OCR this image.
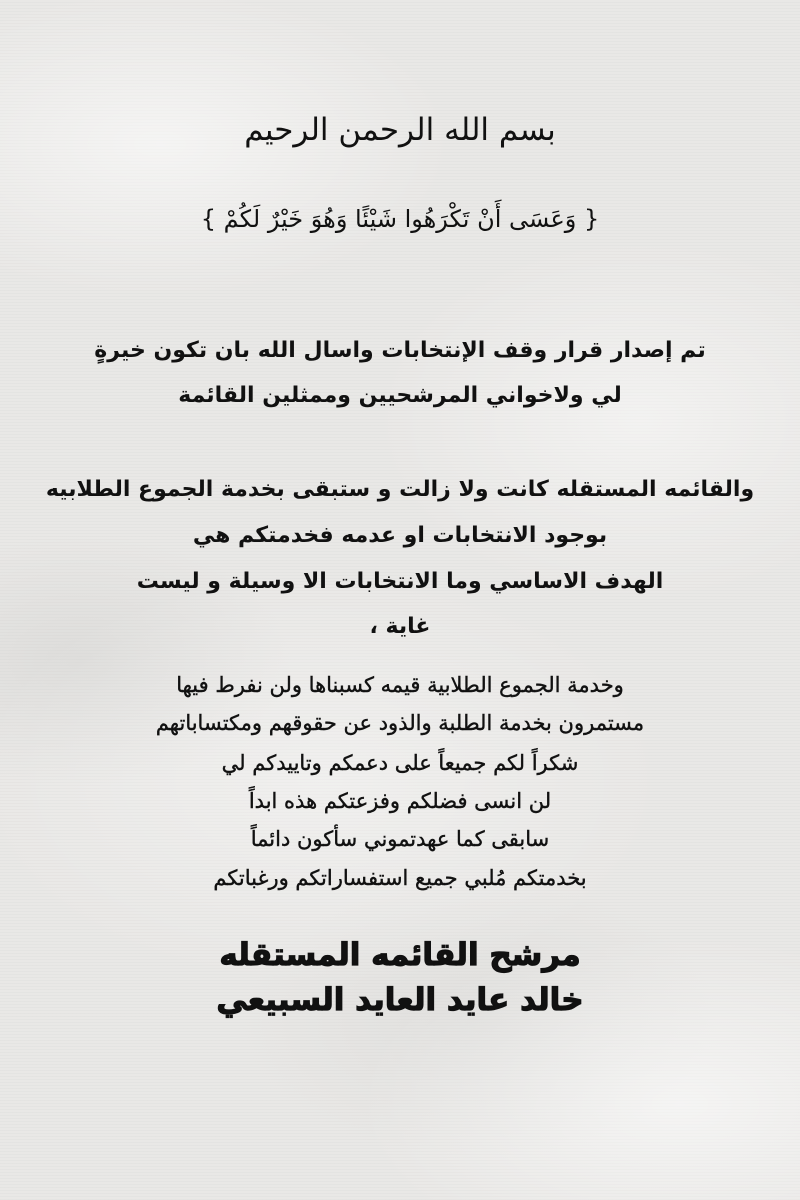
بسم الله الرحمن الرحيم
{ وَعَسَى أَنْ تَكْرَهُوا شَيْئًا وَهُوَ خَيْرٌ لَكُمْ }
تم إصدار قرار وقف الإنتخابات واسال الله بان تكون خيرةٍ
لي ولاخواني المرشحيين وممثلين القائمة
والقائمه المستقله كانت ولا زالت و ستبقى بخدمة الجموع الطلابيه
بوجود الانتخابات او عدمه فخدمتكم هي
الهدف الاساسي وما الانتخابات الا وسيلة و ليست
غاية ،
وخدمة الجموع الطلابية قيمه كسبناها ولن نفرط فيها
مستمرون بخدمة الطلبة والذود عن حقوقهم ومكتساباتهم
شكراً لكم جميعاً على دعمكم وتاييدكم لي
لن انسى فضلكم وفزعتكم هذه ابداً
سابقى كما عهدتموني سأكون دائماً
بخدمتكم مُلبي جميع استفساراتكم ورغباتكم
مرشح القائمه المستقله
خالد عايد العايد السبيعي
